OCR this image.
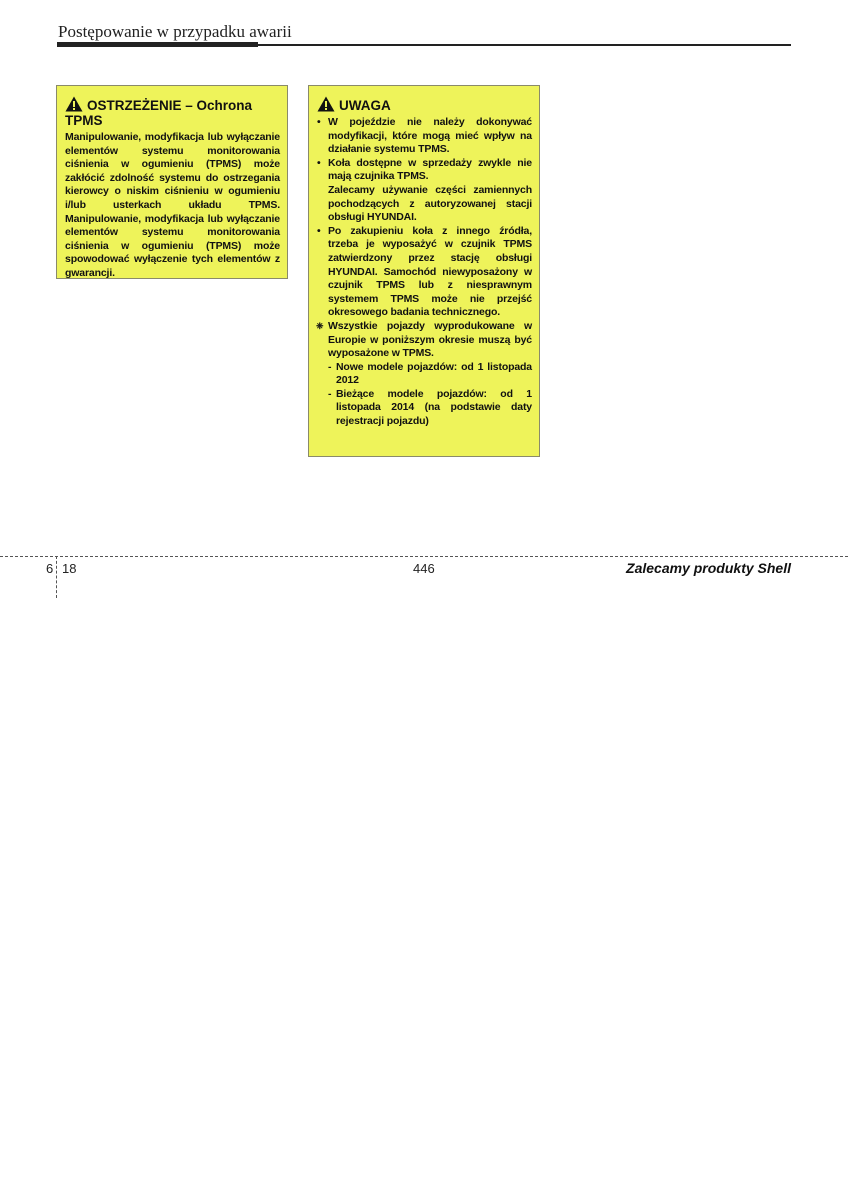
Postępowanie w przypadku awarii
OSTRZEŻENIE – Ochrona TPMS
Manipulowanie, modyfikacja lub wyłączanie elementów systemu monitorowania ciśnienia w ogumieniu (TPMS) może zakłócić zdolność systemu do ostrzegania kierowcy o niskim ciśnieniu w ogumieniu i/lub usterkach układu TPMS. Manipulowanie, modyfikacja lub wyłączanie elementów systemu monitorowania ciśnienia w ogumieniu (TPMS) może spowodować wyłączenie tych elementów z gwarancji.
UWAGA
• W pojeździe nie należy dokonywać modyfikacji, które mogą mieć wpływ na działanie systemu TPMS.
• Koła dostępne w sprzedaży zwykle nie mają czujnika TPMS.
Zalecamy używanie części zamiennych pochodzących z autoryzowanej stacji obsługi HYUNDAI.
• Po zakupieniu koła z innego źródła, trzeba je wyposażyć w czujnik TPMS zatwierdzony przez stację obsługi HYUNDAI. Samochód niewyposażony w czujnik TPMS lub z niesprawnym systemem TPMS może nie przejść okresowego badania technicznego.
❈ Wszystkie pojazdy wyprodukowane w Europie w poniższym okresie muszą być wyposażone w TPMS.
- Nowe modele pojazdów: od 1 listopada 2012
- Bieżące modele pojazdów: od 1 listopada 2014 (na podstawie daty rejestracji pojazdu)
6 18	446	Zalecamy produkty Shell
